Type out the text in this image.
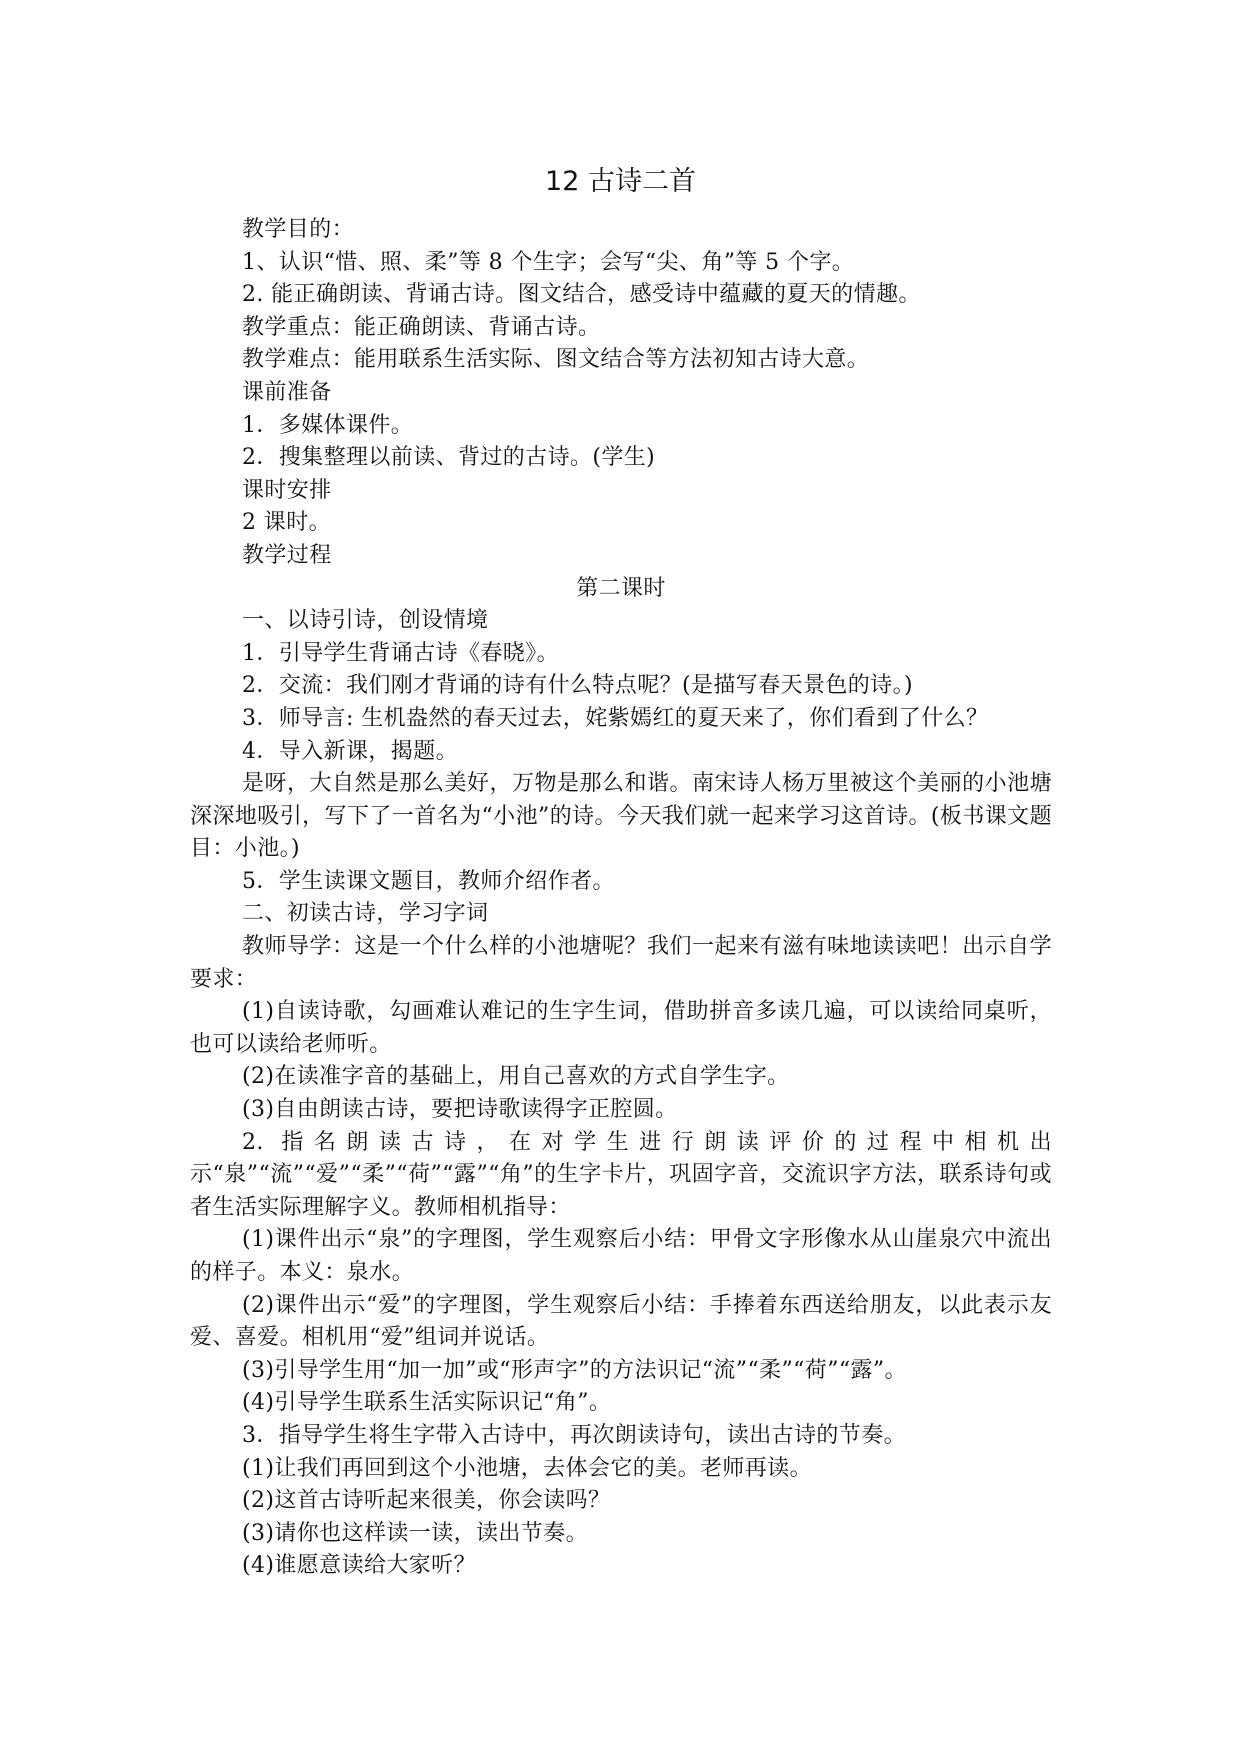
12 古诗二首

教学目的：

1、认识“惜、照、柔”等 8 个生字；会写“尖、角”等 5 个字。

2. 能正确朗读、背诵古诗。图文结合，感受诗中蕴藏的夏天的情趣。

教学重点：能正确朗读、背诵古诗。

教学难点：能用联系生活实际、图文结合等方法初知古诗大意。

课前准备

1．多媒体课件。

2．搜集整理以前读、背过的古诗。(学生)

课时安排

2 课时。

教学过程

第二课时

一、以诗引诗，创设情境

1．引导学生背诵古诗《春晓》。

2．交流：我们刚才背诵的诗有什么特点呢？(是描写春天景色的诗。)

3．师导言: 生机盎然的春天过去，姹紫嫣红的夏天来了，你们看到了什么？

4．导入新课，揭题。

是呀，大自然是那么美好，万物是那么和谐。南宋诗人杨万里被这个美丽的小池塘深深地吸引，写下了一首名为“小池”的诗。今天我们就一起来学习这首诗。(板书课文题目：小池。)

5．学生读课文题目，教师介绍作者。

二、初读古诗，学习字词

教师导学：这是一个什么样的小池塘呢？我们一起来有滋有味地读读吧！出示自学要求：

(1)自读诗歌，勾画难认难记的生字生词，借助拼音多读几遍，可以读给同桌听，也可以读给老师听。

(2)在读准字音的基础上，用自己喜欢的方式自学生字。

(3)自由朗读古诗，要把诗歌读得字正腔圆。

2. 指名朗读古诗，在对学生进行朗读评价的过程中相机出示“泉”“流”“爱”“柔”“荷”“露”“角”的生字卡片，巩固字音，交流识字方法，联系诗句或者生活实际理解字义。教师相机指导：

(1)课件出示“泉”的字理图，学生观察后小结：甲骨文字形像水从山崖泉穴中流出的样子。本义：泉水。

(2)课件出示“爱”的字理图，学生观察后小结：手捧着东西送给朋友，以此表示友爱、喜爱。相机用“爱”组词并说话。

(3)引导学生用“加一加”或“形声字”的方法识记“流”“柔”“荷”“露”。

(4)引导学生联系生活实际识记“角”。

3．指导学生将生字带入古诗中，再次朗读诗句，读出古诗的节奏。

(1)让我们再回到这个小池塘，去体会它的美。老师再读。

(2)这首古诗听起来很美，你会读吗？

(3)请你也这样读一读，读出节奏。

(4)谁愿意读给大家听？
